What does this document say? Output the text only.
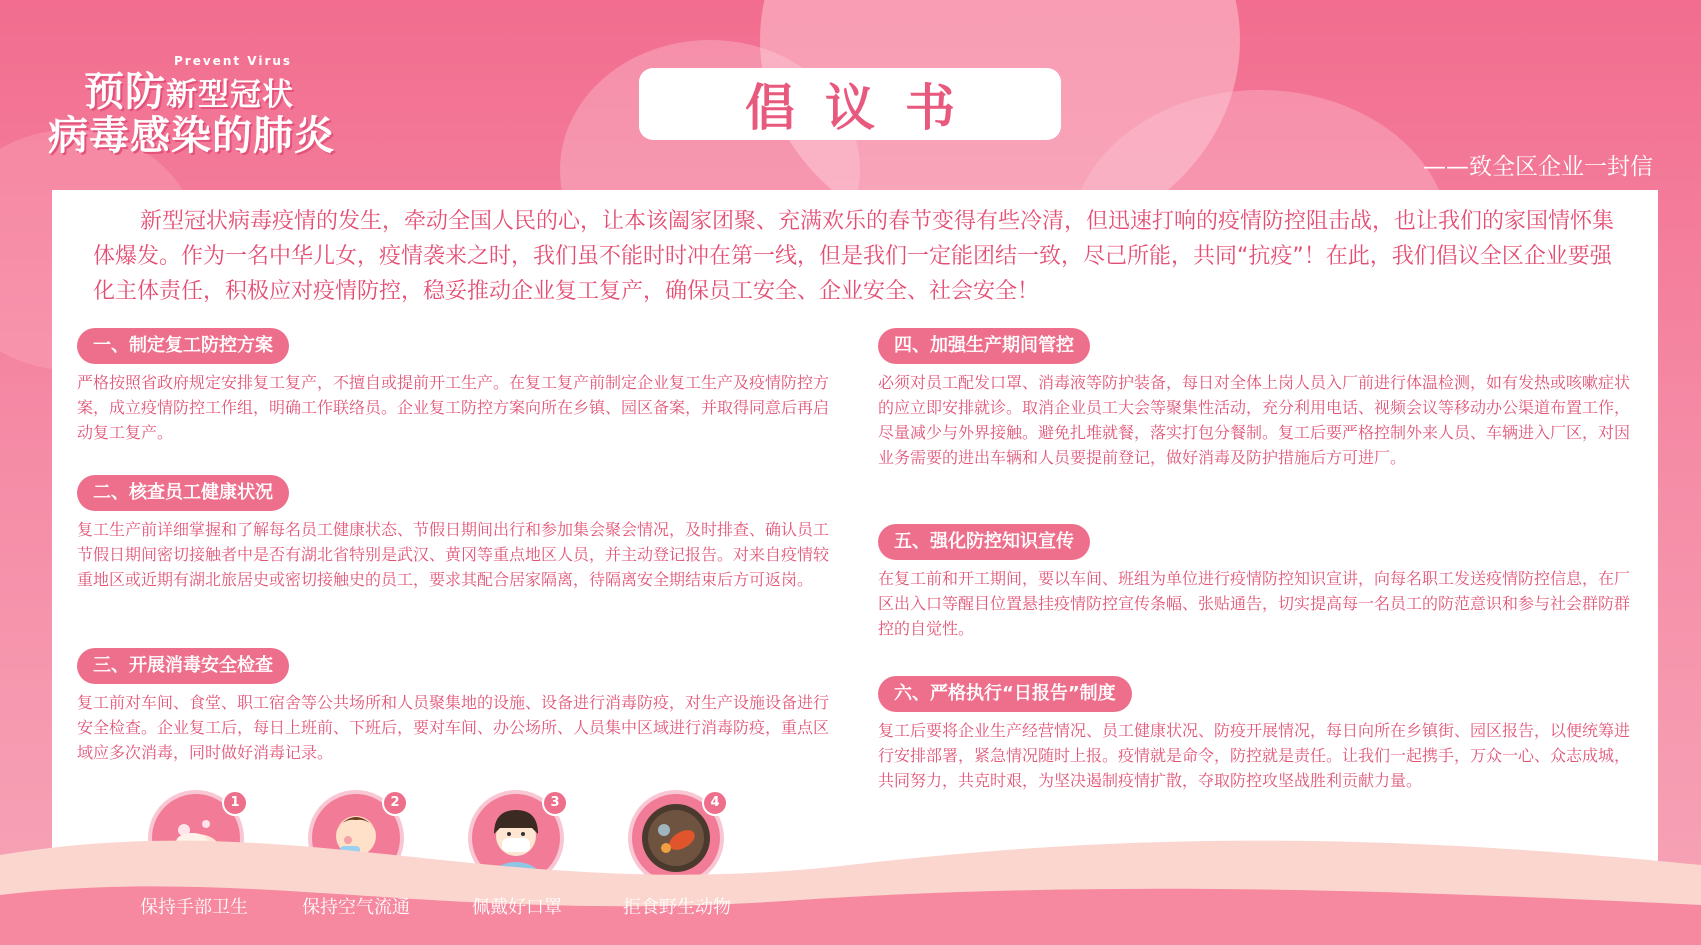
预防新型冠状
Prevent Virus
病毒感染的肺炎	倡议书
——致全区企业一封信

新型冠状病毒疫情的发生，牵动全国人民的心，让本该阖家团聚、充满欢乐的春节变得有些冷清，但迅速打响的疫情防控阻击战，也让我们的家国情怀集体爆发。作为一名中华儿女，疫情袭来之时，我们虽不能时时冲在第一线，但是我们一定能团结一致，尽己所能，共同“抗疫”！在此，我们倡议全区企业要强化主体责任，积极应对疫情防控，稳妥推动企业复工复产，确保员工安全、企业安全、社会安全！

一、制定复工防控方案
严格按照省政府规定安排复工复产，不擅自或提前开工生产。在复工复产前制定企业复工生产及疫情防控方案，成立疫情防控工作组，明确工作联络员。企业复工防控方案向所在乡镇、园区备案，并取得同意后再启动复工复产。
二、核查员工健康状况
复工生产前详细掌握和了解每名员工健康状态、节假日期间出行和参加集会聚会情况，及时排查、确认员工节假日期间密切接触者中是否有湖北省特别是武汉、黄冈等重点地区人员，并主动登记报告。对来自疫情较重地区或近期有湖北旅居史或密切接触史的员工，要求其配合居家隔离，待隔离安全期结束后方可返岗。
三、开展消毒安全检查
复工前对车间、食堂、职工宿舍等公共场所和人员聚集地的设施、设备进行消毒防疫，对生产设施设备进行安全检查。企业复工后，每日上班前、下班后，要对车间、办公场所、人员集中区域进行消毒防疫，重点区域应多次消毒，同时做好消毒记录。
四、加强生产期间管控
必须对员工配发口罩、消毒液等防护装备，每日对全体上岗人员入厂前进行体温检测，如有发热或咳嗽症状的应立即安排就诊。取消企业员工大会等聚集性活动，充分利用电话、视频会议等移动办公渠道布置工作，尽量减少与外界接触。避免扎堆就餐，落实打包分餐制。复工后要严格控制外来人员、车辆进入厂区，对因业务需要的进出车辆和人员要提前登记，做好消毒及防护措施后方可进厂。
五、强化防控知识宣传
在复工前和开工期间，要以车间、班组为单位进行疫情防控知识宣讲，向每名职工发送疫情防控信息，在厂区出入口等醒目位置悬挂疫情防控宣传条幅、张贴通告，切实提高每一名员工的防范意识和参与社会群防群控的自觉性。
六、严格执行“日报告”制度
复工后要将企业生产经营情况、员工健康状况、防疫开展情况，每日向所在乡镇街、园区报告，以便统筹进行安排部署，紧急情况随时上报。疫情就是命令，防控就是责任。让我们一起携手，万众一心、众志成城，共同努力，共克时艰，为坚决遏制疫情扩散，夺取防控攻坚战胜利贡献力量。
1	2	3	4
保持手部卫生	保持空气流通	佩戴好口罩	拒食野生动物
